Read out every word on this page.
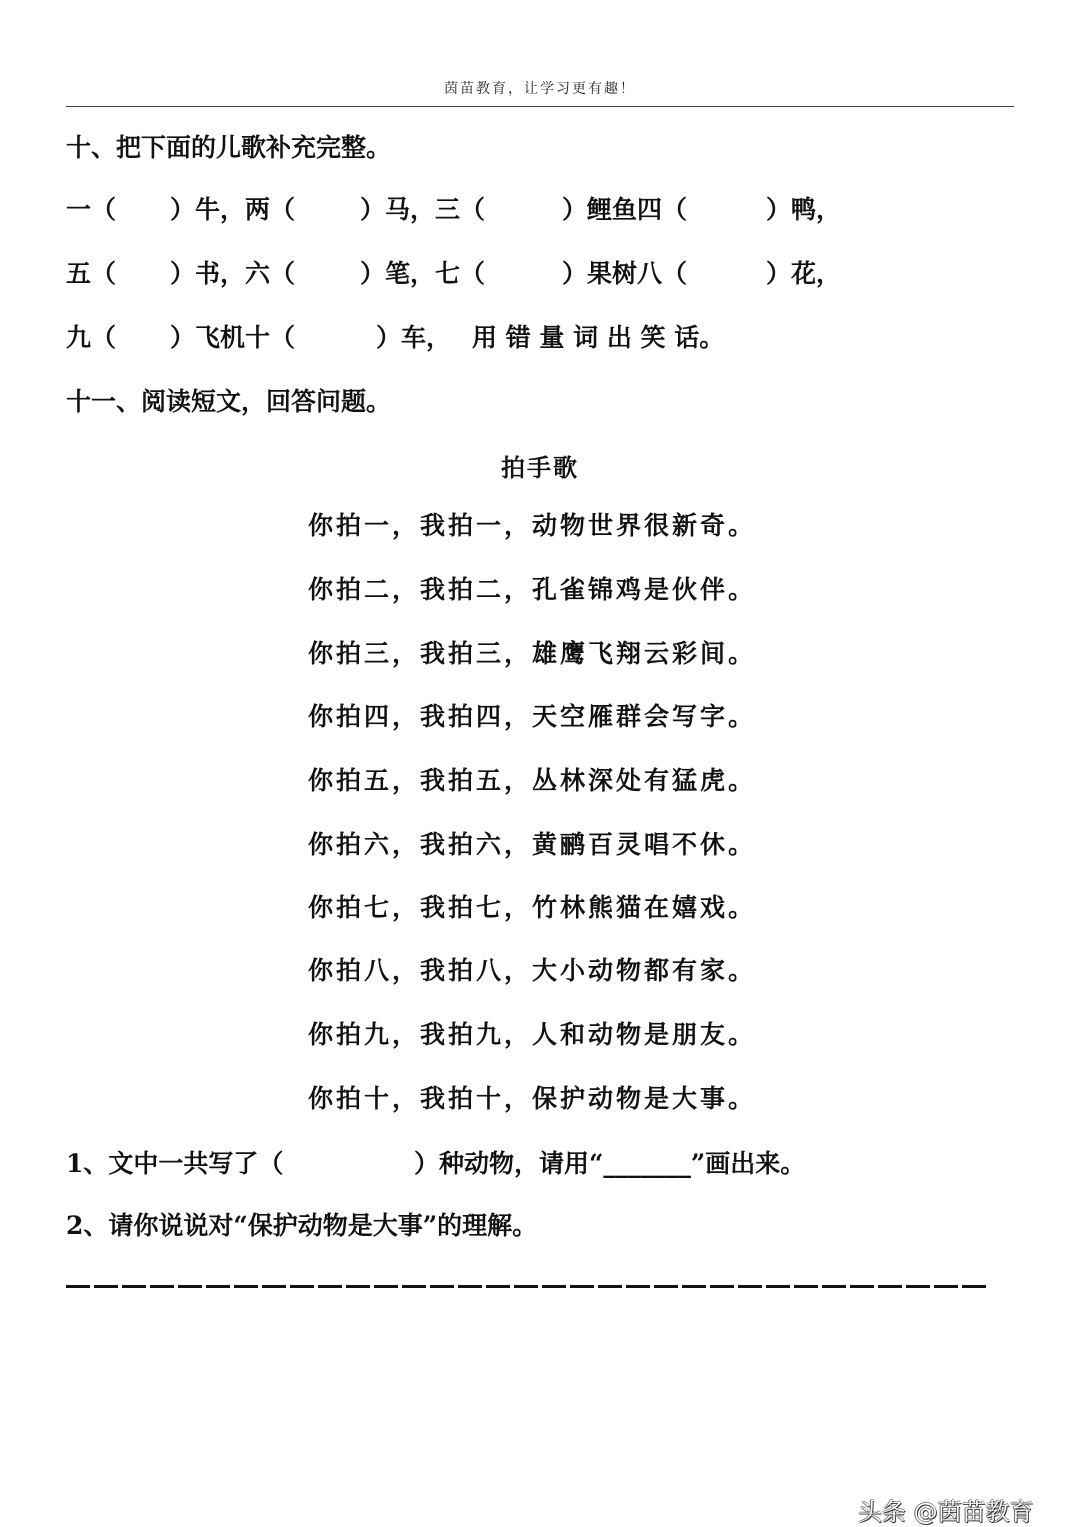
茵苗教育，让学习更有趣！
十、把下面的儿歌补充完整。
一（ ）牛，两（	）马，三（	）鲤鱼四（	）鸭，
五（ ）书，六（	）笔，七（	）果树八（	）花，
九（ ）飞机十（	）车， 用 错 量 词 出 笑 话。
十一、阅读短文，回答问题。
拍手歌
你拍一，我拍一，动物世界很新奇。
你拍二，我拍二，孔雀锦鸡是伙伴。
你拍三，我拍三，雄鹰飞翔云彩间。
你拍四，我拍四，天空雁群会写字。
你拍五，我拍五，丛林深处有猛虎。
你拍六，我拍六，黄鹂百灵唱不休。
你拍七，我拍七，竹林熊猫在嬉戏。
你拍八，我拍八，大小动物都有家。
你拍九，我拍九，人和动物是朋友。
你拍十，我拍十，保护动物是大事。
1、文中一共写了（	）种动物，请用“_______”画出来。
2、请你说说对“保护动物是大事”的理解。
头条 @茵苗教育
